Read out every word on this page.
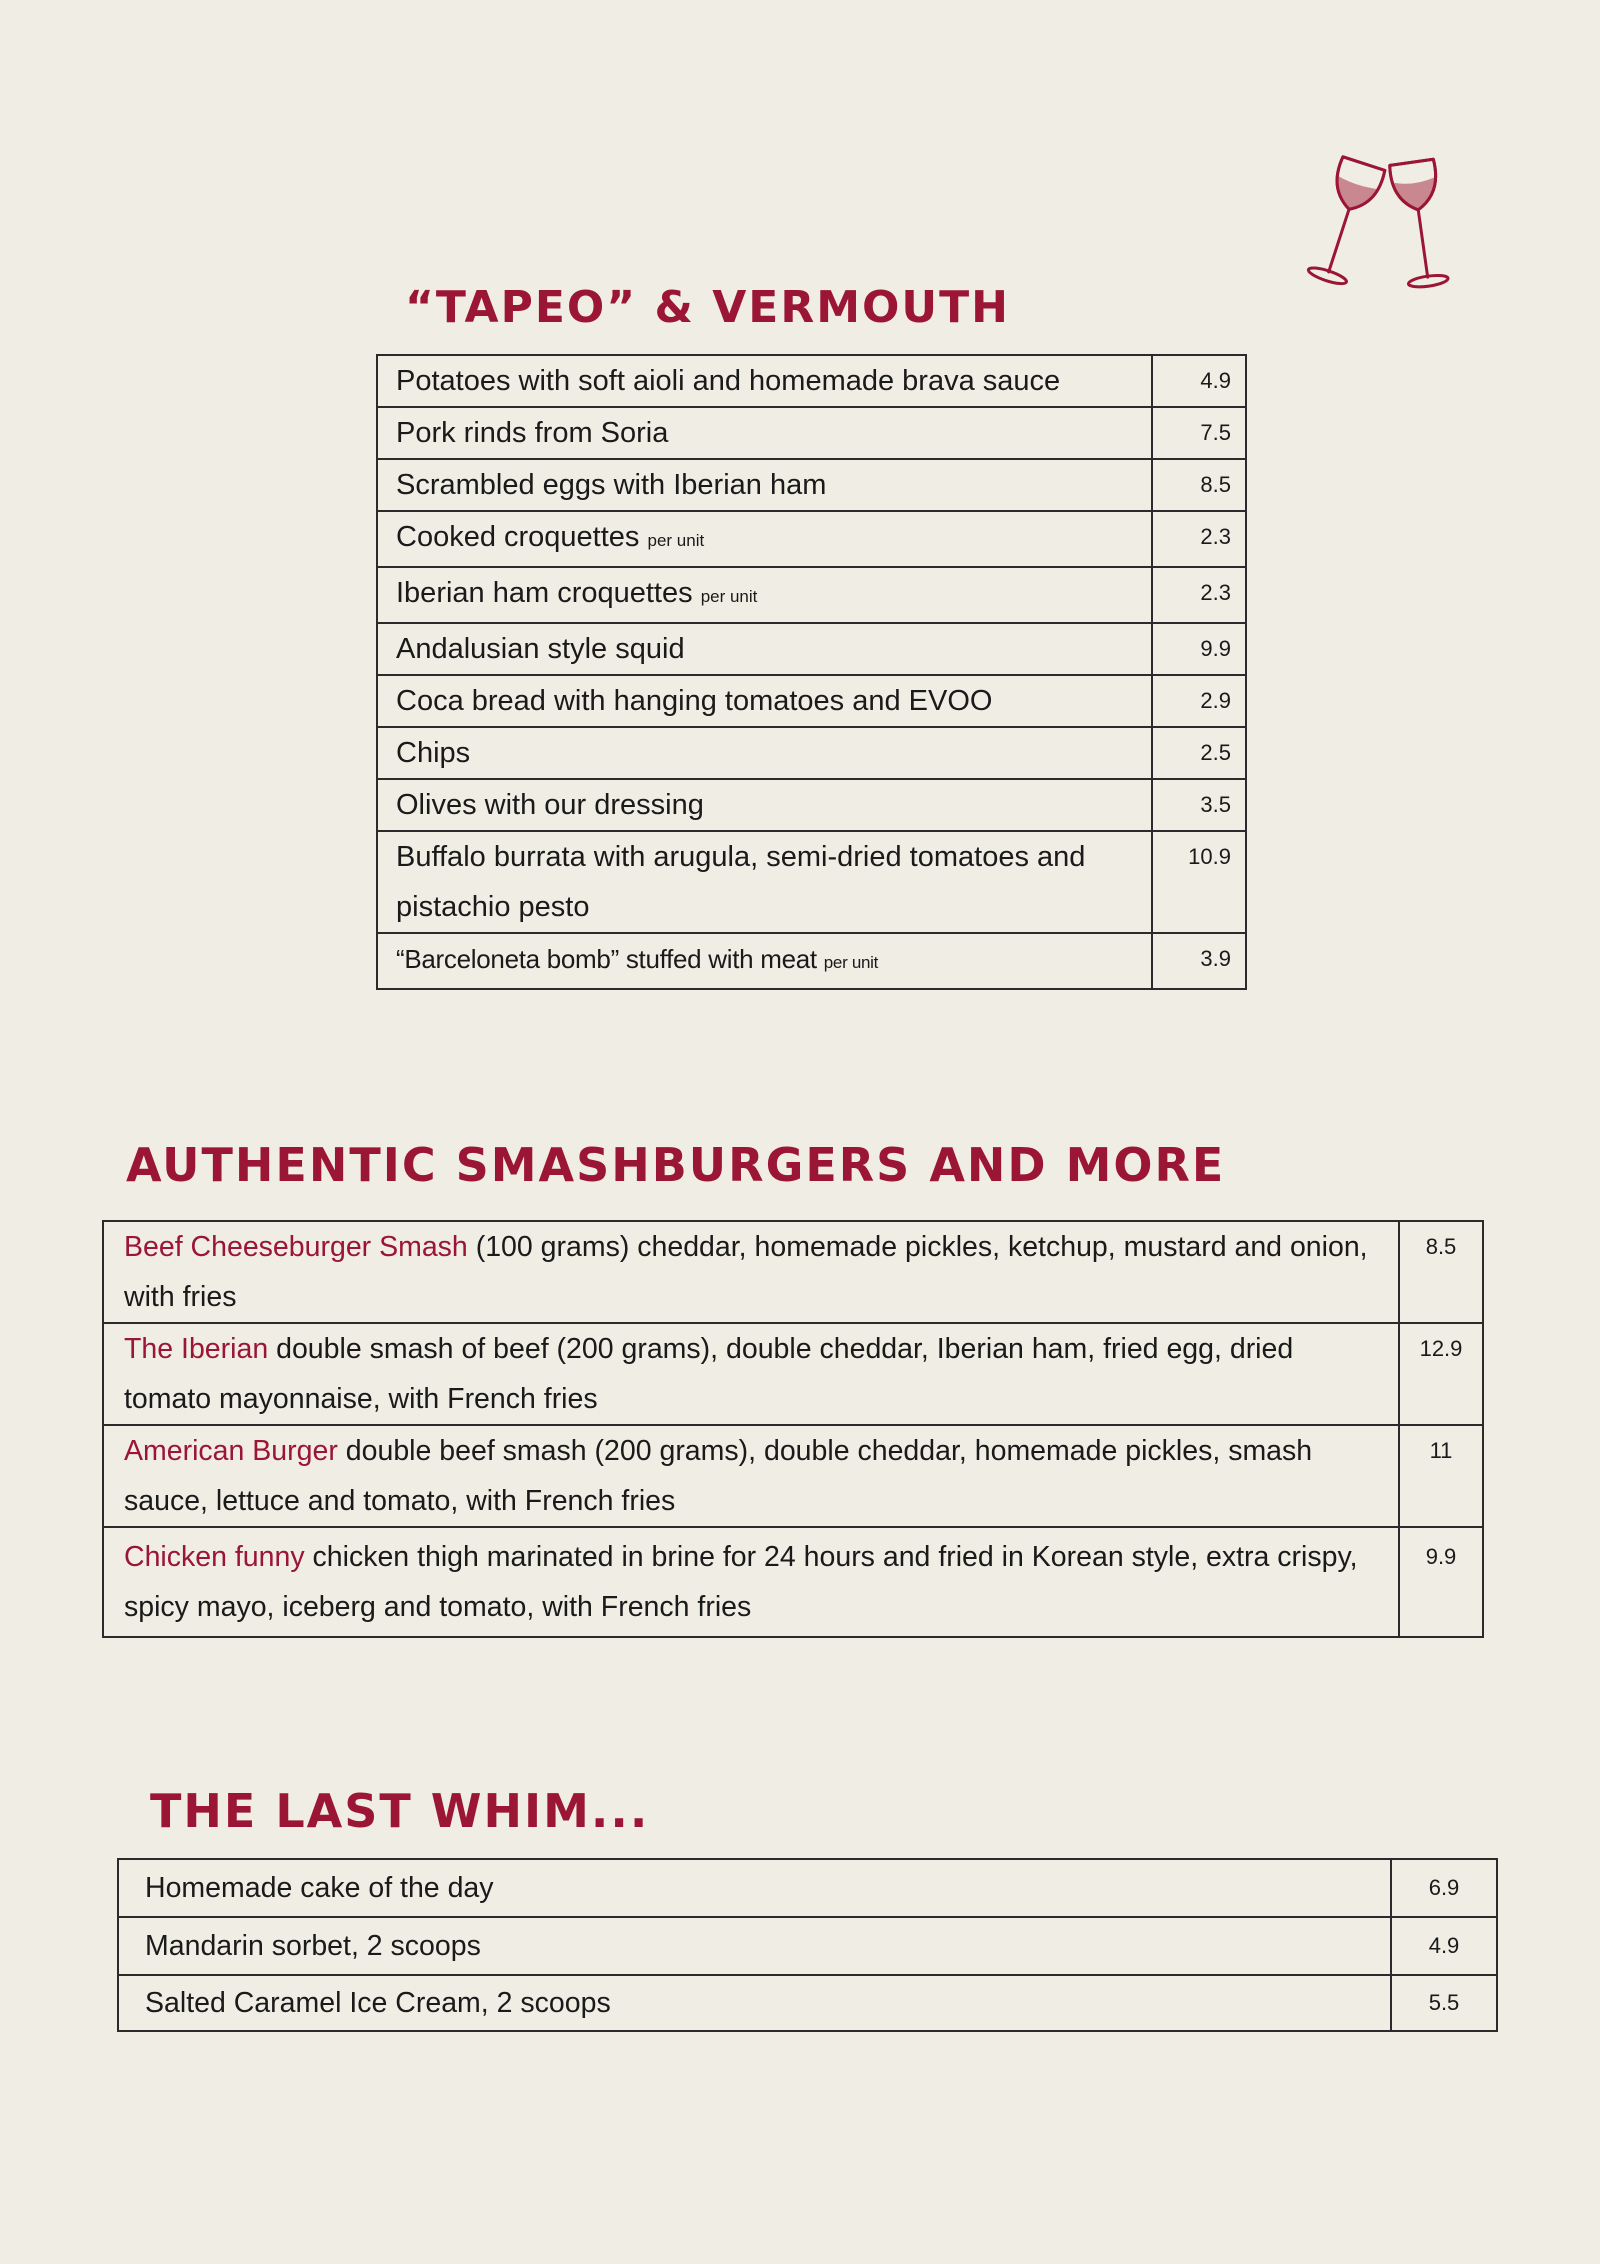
“TAPEO” & VERMOUTH
Potatoes with soft aioli and homemade brava sauce	4.9
Pork rinds from Soria	7.5
Scrambled eggs with Iberian ham	8.5
Cooked croquettes per unit	2.3
Iberian ham croquettes per unit	2.3
Andalusian style squid	9.9
Coca bread with hanging tomatoes and EVOO	2.9
Chips	2.5
Olives with our dressing	3.5
Buffalo burrata with arugula, semi-dried tomatoes and pistachio pesto	10.9
“Barceloneta bomb” stuffed with meat per unit	3.9
AUTHENTIC SMASHBURGERS AND MORE
Beef Cheeseburger Smash (100 grams) cheddar, homemade pickles, ketchup, mustard and onion, with fries	8.5
The Iberian double smash of beef (200 grams), double cheddar, Iberian ham, fried egg, dried tomato mayonnaise, with French fries	12.9
American Burger double beef smash (200 grams), double cheddar, homemade pickles, smash sauce, lettuce and tomato, with French fries	11
Chicken funny chicken thigh marinated in brine for 24 hours and fried in Korean style, extra crispy, spicy mayo, iceberg and tomato, with French fries	9.9
THE LAST WHIM...
Homemade cake of the day	6.9
Mandarin sorbet, 2 scoops	4.9
Salted Caramel Ice Cream, 2 scoops	5.5
